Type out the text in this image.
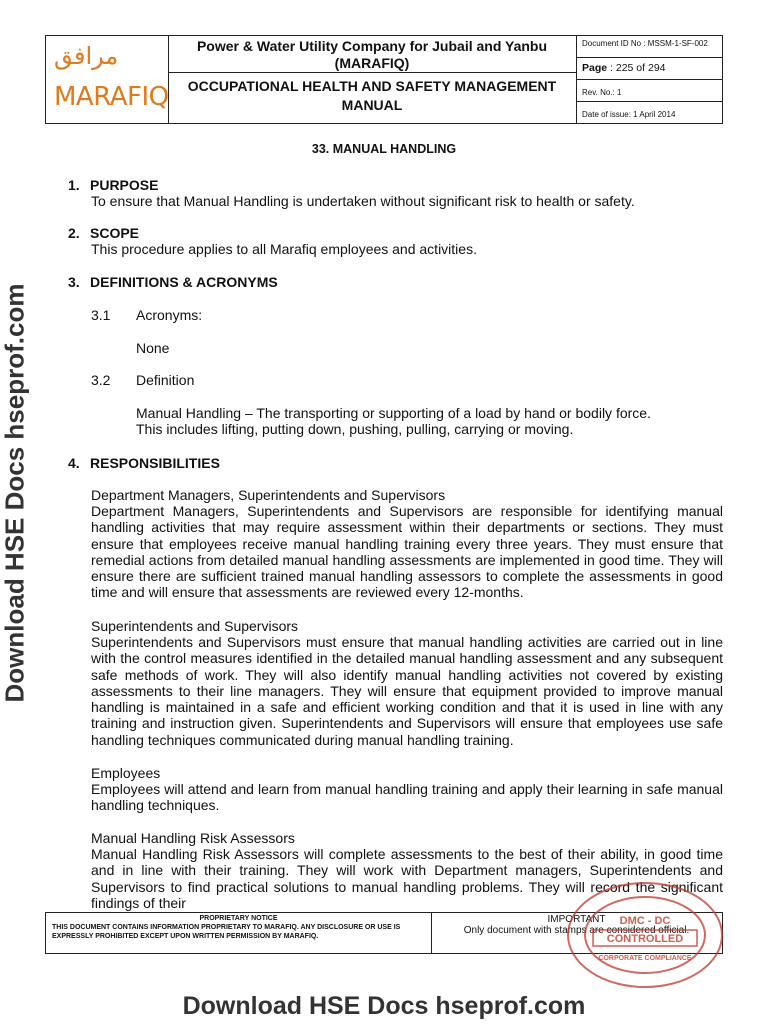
مرافق
MARAFIQ
Power & Water Utility Company for Jubail and Yanbu (MARAFIQ)
OCCUPATIONAL HEALTH AND SAFETY MANAGEMENT MANUAL
Document ID No : MSSM-1-SF-002
Page : 225 of 294
Rev. No.: 1
Date of issue: 1 April 2014
33. MANUAL HANDLING
1. PURPOSE
To ensure that Manual Handling is undertaken without significant risk to health or safety.
2. SCOPE
This procedure applies to all Marafiq employees and activities.
3. DEFINITIONS & ACRONYMS
3.1 Acronyms:
None
3.2 Definition
Manual Handling – The transporting or supporting of a load by hand or bodily force. This includes lifting, putting down, pushing, pulling, carrying or moving.
4. RESPONSIBILITIES
Department Managers, Superintendents and Supervisors
Department Managers, Superintendents and Supervisors are responsible for identifying manual handling activities that may require assessment within their departments or sections. They must ensure that employees receive manual handling training every three years. They must ensure that remedial actions from detailed manual handling assessments are implemented in good time. They will ensure there are sufficient trained manual handling assessors to complete the assessments in good time and will ensure that assessments are reviewed every 12-months.
Superintendents and Supervisors
Superintendents and Supervisors must ensure that manual handling activities are carried out in line with the control measures identified in the detailed manual handling assessment and any subsequent safe methods of work. They will also identify manual handling activities not covered by existing assessments to their line managers. They will ensure that equipment provided to improve manual handling is maintained in a safe and efficient working condition and that it is used in line with any training and instruction given. Superintendents and Supervisors will ensure that employees use safe handling techniques communicated during manual handling training.
Employees
Employees will attend and learn from manual handling training and apply their learning in safe manual handling techniques.
Manual Handling Risk Assessors
Manual Handling Risk Assessors will complete assessments to the best of their ability, in good time and in line with their training. They will work with Department managers, Superintendents and Supervisors to find practical solutions to manual handling problems. They will record the significant findings of their
PROPRIETARY NOTICE
THIS DOCUMENT CONTAINS INFORMATION PROPRIETARY TO MARAFIQ. ANY DISCLOSURE OR USE IS EXPRESSLY PROHIBITED EXCEPT UPON WRITTEN PERMISSION BY MARAFIQ.
IMPORTANT
Only document with stamps are considered official.
DMC - DC
CONTROLLED
CORPORATE COMPLIANCE
Download HSE Docs hseprof.com
Download HSE Docs hseprof.com
